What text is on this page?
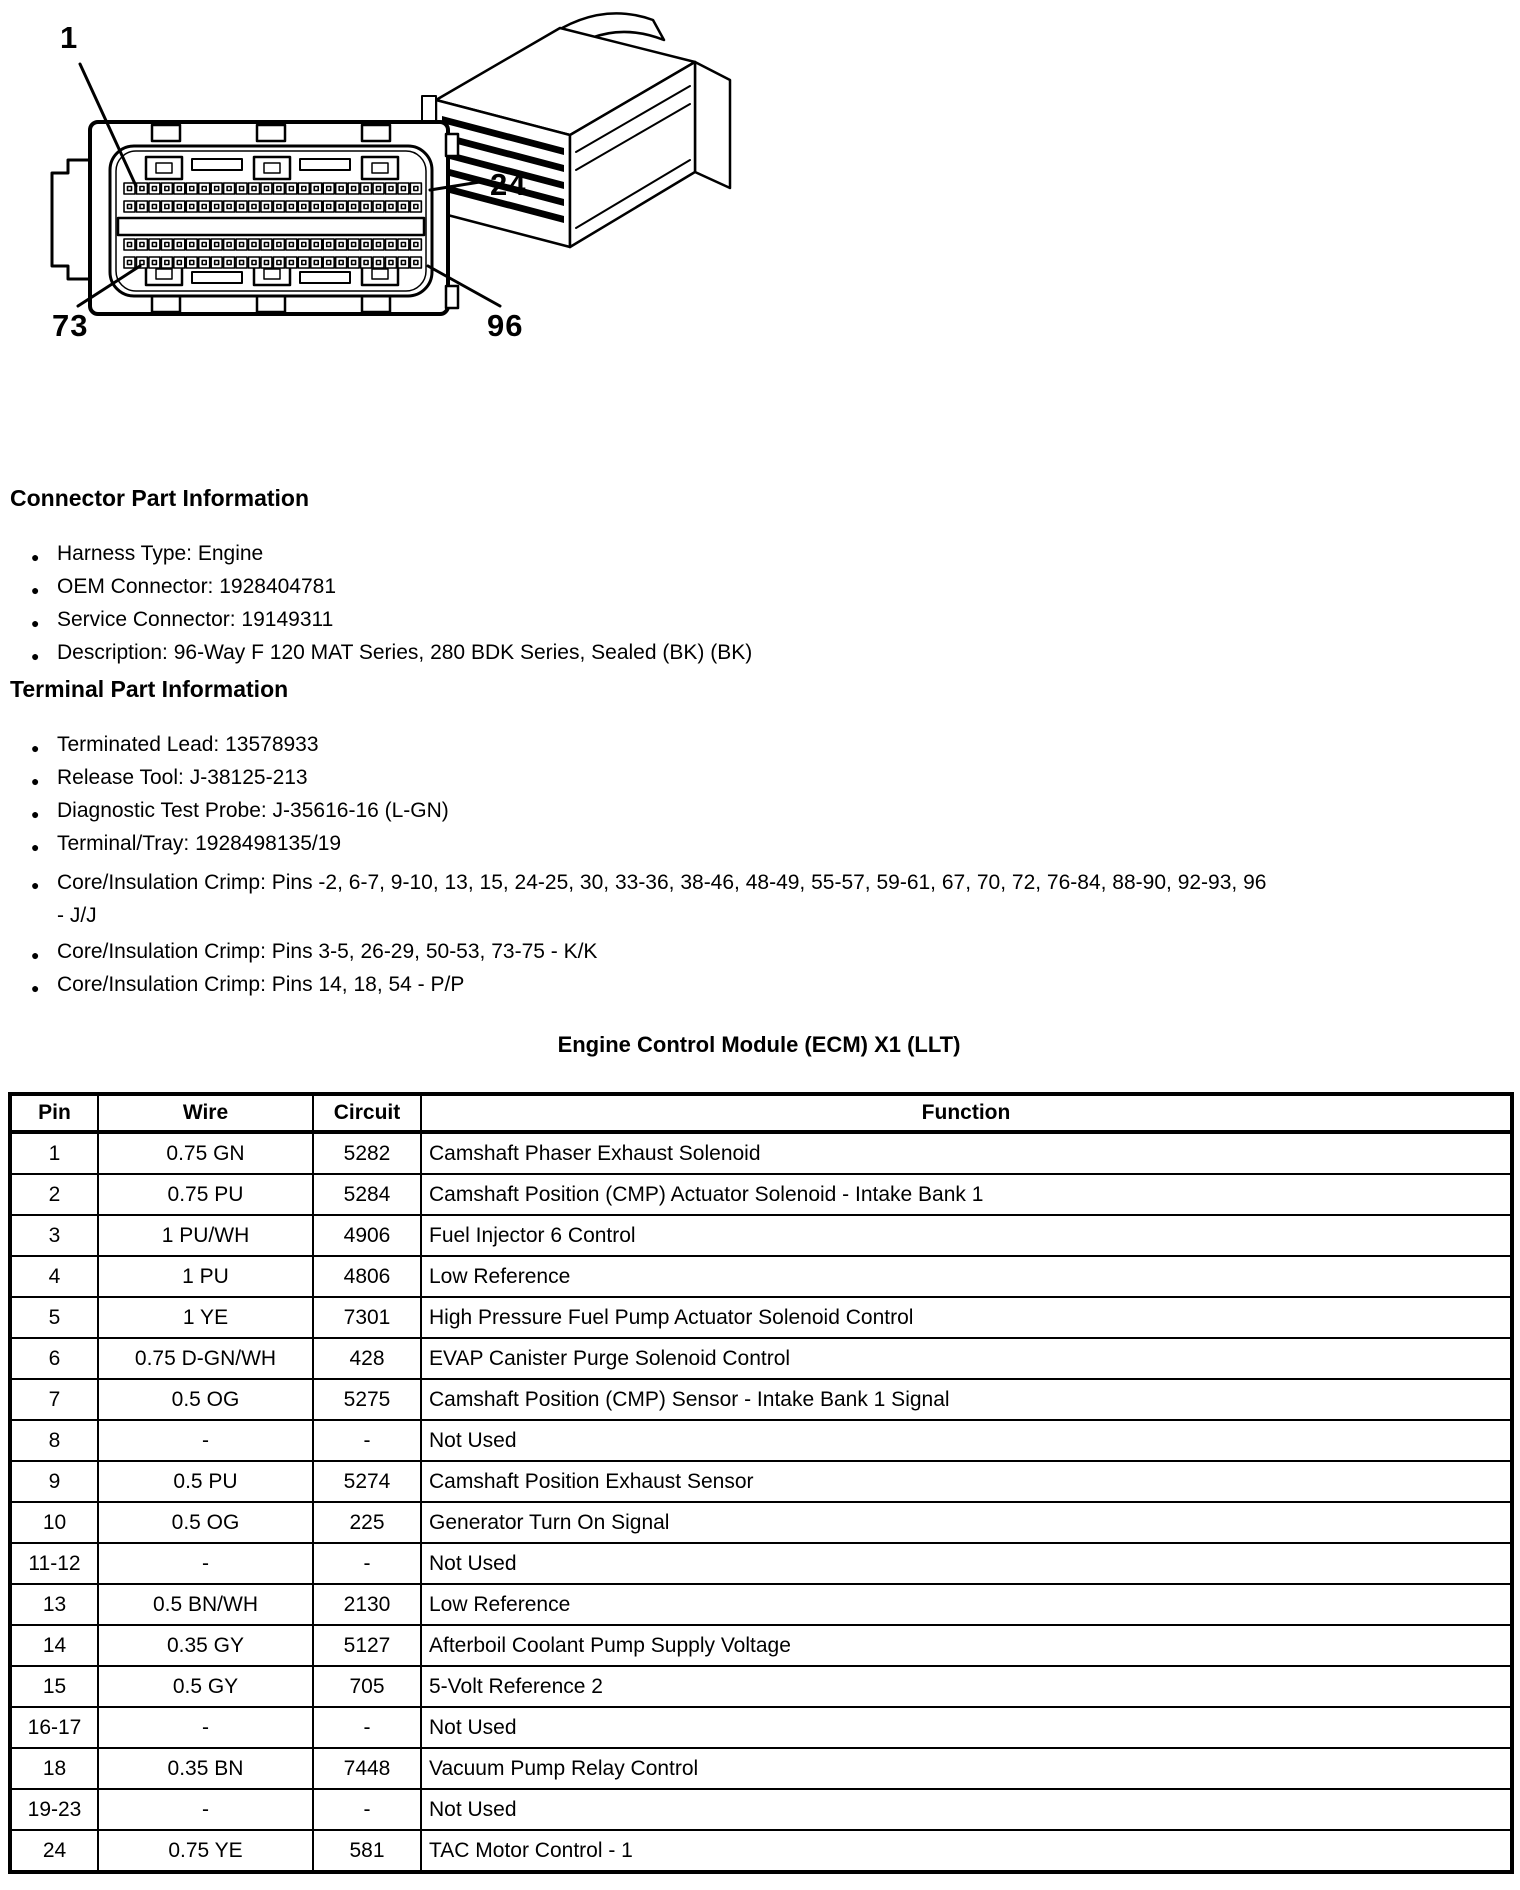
1
24
73	96
Connector Part Information
● Harness Type: Engine
● OEM Connector: 1928404781
● Service Connector: 19149311
● Description: 96-Way F 120 MAT Series, 280 BDK Series, Sealed (BK) (BK)
Terminal Part Information
● Terminated Lead: 13578933
● Release Tool: J-38125-213
● Diagnostic Test Probe: J-35616-16 (L-GN)
● Terminal/Tray: 1928498135/19
● Core/Insulation Crimp: Pins -2, 6-7, 9-10, 13, 15, 24-25, 30, 33-36, 38-46, 48-49, 55-57, 59-61, 67, 70, 72, 76-84, 88-90, 92-93, 96 - J/J
● Core/Insulation Crimp: Pins 3-5, 26-29, 50-53, 73-75 - K/K
● Core/Insulation Crimp: Pins 14, 18, 54 - P/P
Engine Control Module (ECM) X1 (LLT)
Pin	Wire	Circuit	Function
1	0.75 GN	5282	Camshaft Phaser Exhaust Solenoid
2	0.75 PU	5284	Camshaft Position (CMP) Actuator Solenoid - Intake Bank 1
3	1 PU/WH	4906	Fuel Injector 6 Control
4	1 PU	4806	Low Reference
5	1 YE	7301	High Pressure Fuel Pump Actuator Solenoid Control
6	0.75 D-GN/WH	428	EVAP Canister Purge Solenoid Control
7	0.5 OG	5275	Camshaft Position (CMP) Sensor - Intake Bank 1 Signal
8	-	-	Not Used
9	0.5 PU	5274	Camshaft Position Exhaust Sensor
10	0.5 OG	225	Generator Turn On Signal
11-12	-	-	Not Used
13	0.5 BN/WH	2130	Low Reference
14	0.35 GY	5127	Afterboil Coolant Pump Supply Voltage
15	0.5 GY	705	5-Volt Reference 2
16-17	-	-	Not Used
18	0.35 BN	7448	Vacuum Pump Relay Control
19-23	-	-	Not Used
24	0.75 YE	581	TAC Motor Control - 1
